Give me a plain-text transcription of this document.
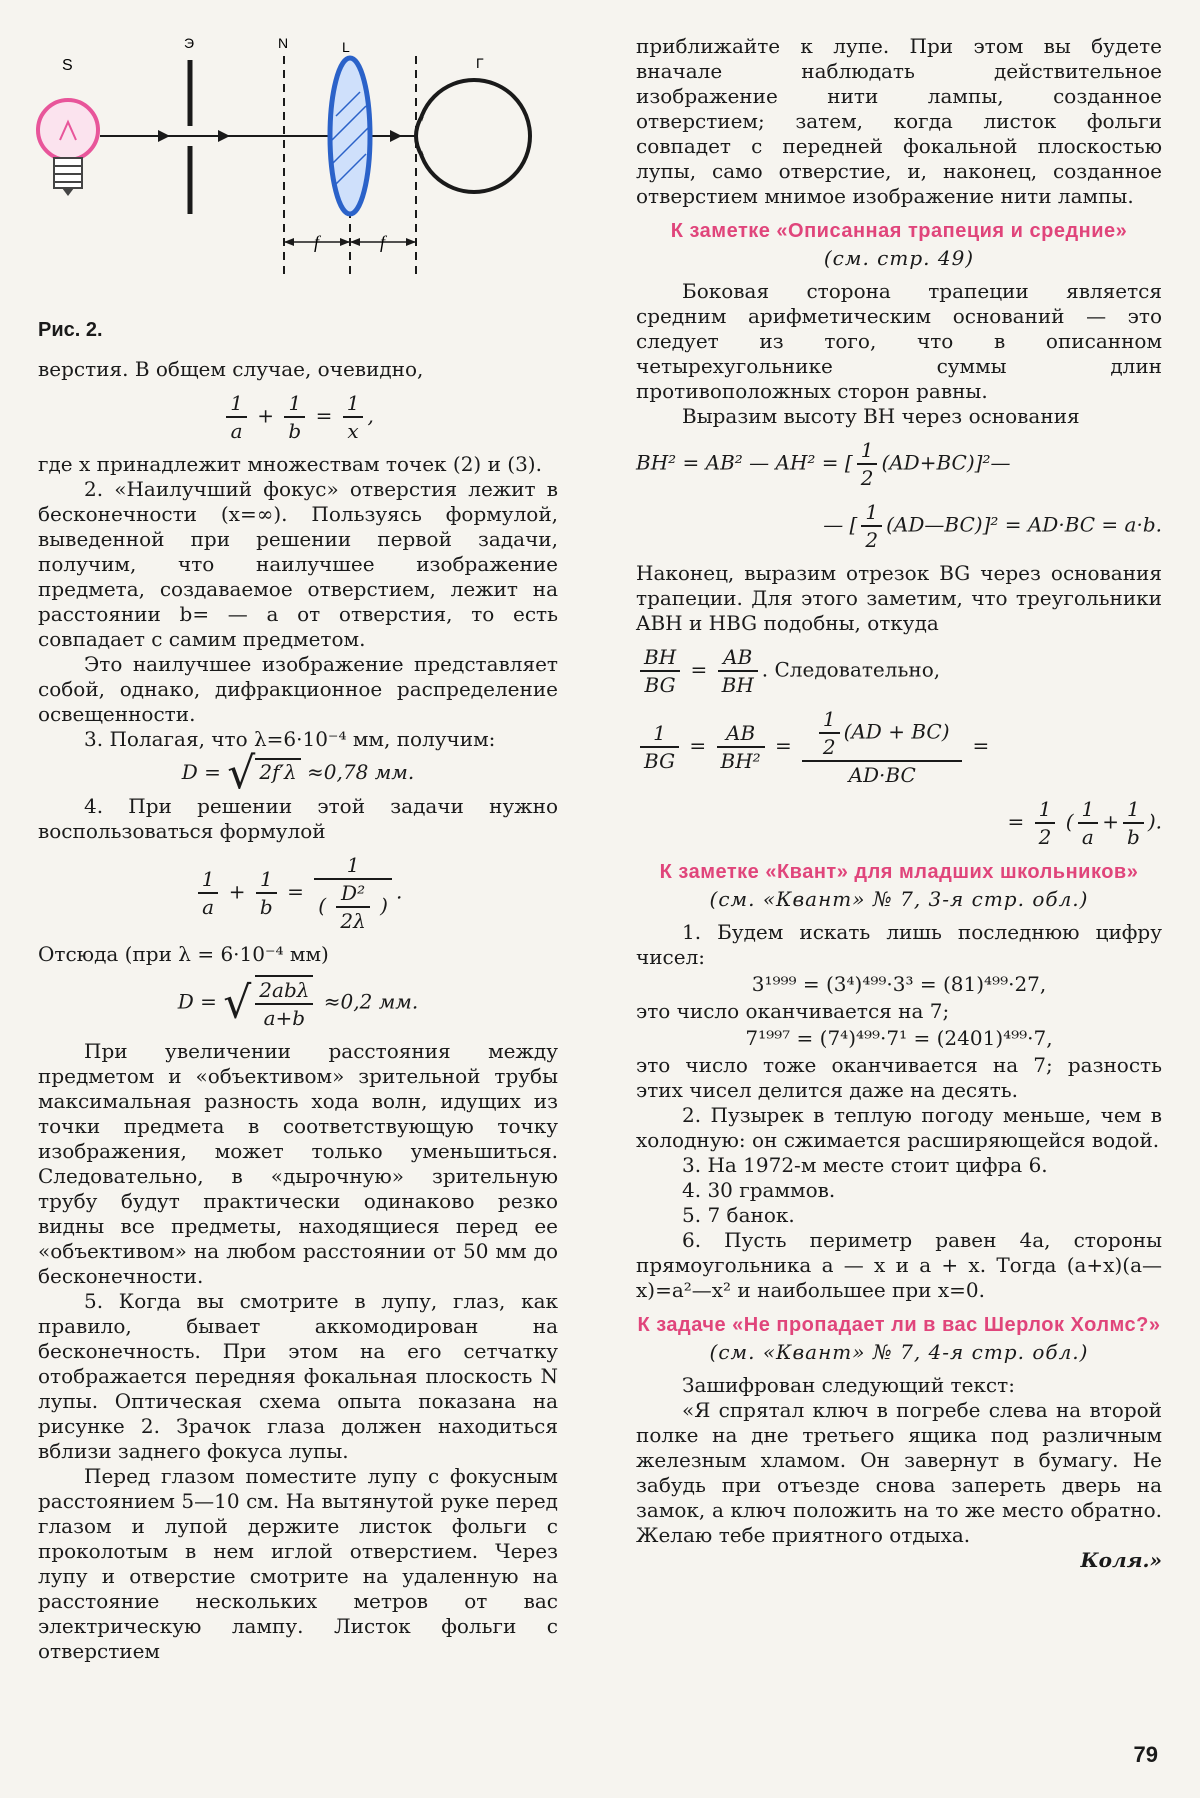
S
Э	N	L
Г
f	f
Рис. 2.

верстия. В общем случае, очевидно,

$\frac{1}{a} + \frac{1}{b} = \frac{1}{x}$ ,

где x принадлежит множествам точек (2) и (3).

2. «Наилучший фокус» отверстия лежит в бесконечности (x=∞). Пользуясь формулой, выведенной при решении первой задачи, получим, что наилучшее изображение предмета, создаваемое отверстием, лежит на расстоянии b= — a от отверстия, то есть совпадает с самим предметом.

Это наилучшее изображение представляет собой, однако, дифракционное распределение освещенности.

3. Полагая, что λ=6·10⁻⁴ мм, получим:

D = √ 2f′λ ≈0,78 мм.

4. При решении этой задачи нужно воспользоваться формулой

$\frac{1}{a} + \frac{1}{b} = \frac{1}{( \frac{\text{D²}}{2\lambda} )}$ .

Отсюда (при λ = 6·10⁻⁴ мм)

D = √ $\frac{\text{2abλ}}{a+b} \approx 0,2$ мм.

При увеличении расстояния между предметом и «объективом» зрительной трубы максимальная разность хода волн, идущих из точки предмета в соответствующую точку изображения, может только уменьшиться. Следовательно, в «дырочную» зрительную трубу будут практически одинаково резко видны все предметы, находящиеся перед ее «объективом» на любом расстоянии от 50 мм до бесконечности.

5. Когда вы смотрите в лупу, глаз, как правило, бывает аккомодирован на бесконечность. При этом на его сетчатку отображается передняя фокальная плоскость N лупы. Оптическая схема опыта показана на рисунке 2. Зрачок глаза должен находиться вблизи заднего фокуса лупы.

Перед глазом поместите лупу с фокусным расстоянием 5—10 см. На вытянутой руке перед глазом и лупой держите листок фольги с проколотым в нем иглой отверстием. Через лупу и отверстие смотрите на удаленную на расстояние нескольких метров от вас электрическую лампу. Листок фольги с отверстием

приближайте к лупе. При этом вы будете вначале наблюдать действительное изображение нити лампы, созданное отверстием; затем, когда листок фольги совпадет с передней фокальной плоскостью лупы, само отверстие, и, наконец, созданное отверстием мнимое изображение нити лампы.

К заметке «Описанная трапеция и средние»
(см. стр. 49)

Боковая сторона трапеции является средним арифметическим оснований — это следует из того, что в описанном четырехугольнике суммы длин противоположных сторон равны.

Выразим высоту BH через основания

BH² = AB² — AH² = [ $\frac{1}{2}$ (AD+BC)]²—
— [ $\frac{1}{2}$ (AD—BC)]² = AD·BC = a·b.

Наконец, выразим отрезок BG через основания трапеции. Для этого заметим, что треугольники ABH и HBG подобны, откуда

$\frac{BH}{BG} = \frac{AB}{BH}$ . Следовательно,
$\frac{1}{BG} = \frac{AB}{\text{BH²}} = \frac{\frac{1}{2} (AD + BC)}{AD\cdot BC}$ =
= $\frac{1}{2}$ ( $\frac{1}{a} + \frac{1}{b}$ ).
К заметке «Квант» для младших школьников»
(см. «Квант» № 7, 3-я стр. обл.)

1. Будем искать лишь последнюю цифру чисел:

3¹⁹⁹⁹ = (3⁴)⁴⁹⁹·3³ = (81)⁴⁹⁹·27,

это число оканчивается на 7;

7¹⁹⁹⁷ = (7⁴)⁴⁹⁹·7¹ = (2401)⁴⁹⁹·7,

это число тоже оканчивается на 7; разность этих чисел делится даже на десять.

2. Пузырек в теплую погоду меньше, чем в холодную: он сжимается расширяющейся водой.

3. На 1972-м месте стоит цифра 6.

4. 30 граммов.

5. 7 банок.

6. Пусть периметр равен 4a, стороны прямоугольника a — x и a + x. Тогда (a+x)(a—x)=a²—x² и наибольшее при x=0.

К задаче «Не пропадает ли в вас Шерлок Холмс?»
(см. «Квант» № 7, 4-я стр. обл.)

Зашифрован следующий текст:

«Я спрятал ключ в погребе слева на второй полке на дне третьего ящика под различным железным хламом. Он завернут в бумагу. Не забудь при отъезде снова запереть дверь на замок, а ключ положить на то же место обратно. Желаю тебе приятного отдыха.

Коля.»
79
